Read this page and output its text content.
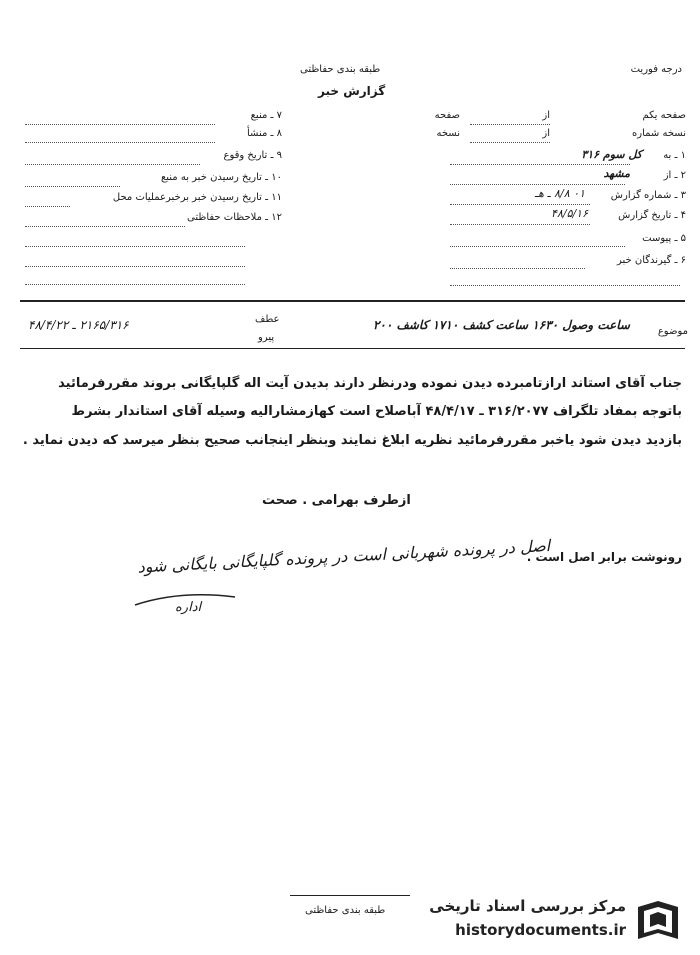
درجه فوریت
طبقه بندی حفاظتی
گزارش خبر
صفحه یکم
از
صفحه
نسخه شماره
از
نسخه
۱ ـ به
کل سوم ۳۱۶
۲ ـ از
مشهد
۳ ـ شماره گزارش
۰۱ ۸/۸ ـ هـ
۴ ـ تاریخ گزارش
۴۸/۵/۱۶
۵ ـ پیوست
۶ ـ گیرندگان خبر
۷ ـ منبع
۸ ـ منشأ
۹ ـ تاریخ وقوع
۱۰ ـ تاریخ رسیدن خبر به منبع
۱۱ ـ تاریخ رسیدن خبر برخبرعملیات محل
۱۲ ـ ملاحظات حفاظتی
موضوع
ساعت وصول ۱۶۳۰ ساعت کشف ۱۷۱۰ کاشف ۲۰۰
عطف
پیرو
۲۱۶۵/۳۱۶ ـ ۴۸/۴/۲۲
جناب آقای استاند ارازتامبرده دیدن نموده ودرنظر دارند بدیدن آیت اله گلپایگانی بروند مقررفرمائید
باتوجه بمفاد تلگراف ۳۱۶/۲۰۷۷ ـ ۴۸/۴/۱۷ آباصلاح است کهازمشارالیه وسیله آقای استاندار بشرط
بازدید دیدن شود یاخبر مقررفرمائید نظریه ابلاغ نمایند وبنظر اینجانب صحیح بنظر میرسد که دیدن نماید .
ازطرف بهرامی . صحت
رونوشت برابر اصل است .
اصل در پرونده شهربانی است در پرونده گلپایگانی بایگانی شود
اداره
طبقه بندی حفاظتی	مرکز بررسی اسناد تاریخی
historydocuments.ir
